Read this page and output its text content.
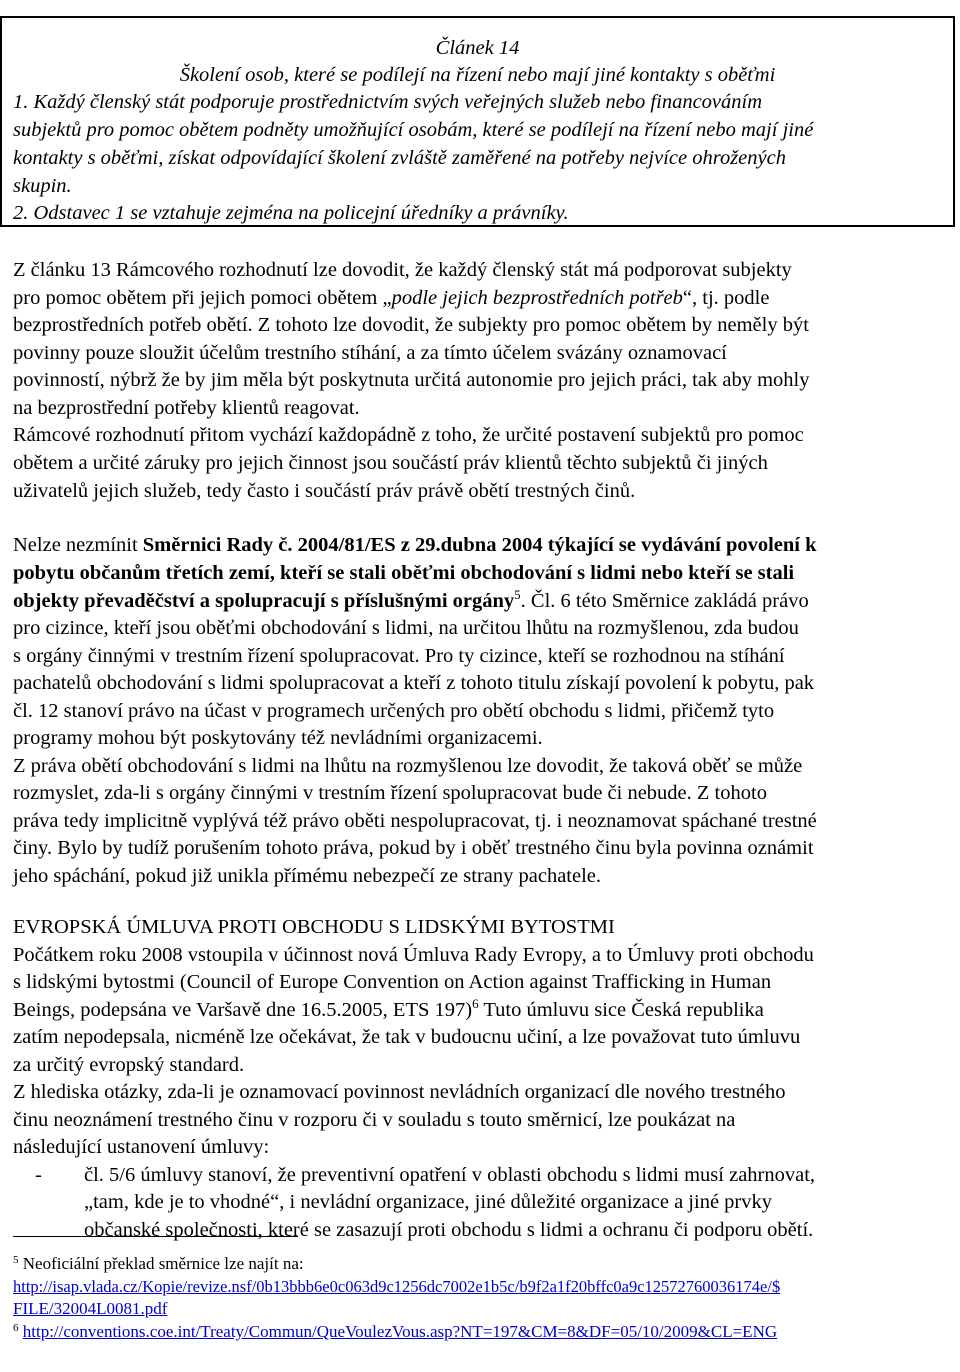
Článek 14
Školení osob, které se podílejí na řízení nebo mají jiné kontakty s oběťmi
1. Každý členský stát podporuje prostřednictvím svých veřejných služeb nebo financováním
subjektů pro pomoc obětem podněty umožňující osobám, které se podílejí na řízení nebo mají jiné
kontakty s oběťmi, získat odpovídající školení zvláště zaměřené na potřeby nejvíce ohrožených
skupin.
2. Odstavec 1 se vztahuje zejména na policejní úředníky a právníky.
Z článku 13 Rámcového rozhodnutí lze dovodit, že každý členský stát má podporovat subjekty
pro pomoc obětem při jejich pomoci obětem „podle jejich bezprostředních potřeb“, tj. podle
bezprostředních potřeb obětí. Z tohoto lze dovodit, že subjekty pro pomoc obětem by neměly být
povinny pouze sloužit účelům trestního stíhání, a za tímto účelem svázány oznamovací
povinností, nýbrž že by jim měla být poskytnuta určitá autonomie pro jejich práci, tak aby mohly
na bezprostřední potřeby klientů reagovat.
Rámcové rozhodnutí přitom vychází každopádně z toho, že určité postavení subjektů pro pomoc
obětem a určité záruky pro jejich činnost jsou součástí práv klientů těchto subjektů či jiných
uživatelů jejich služeb, tedy často i součástí práv právě obětí trestných činů.
Nelze nezmínit Směrnici Rady č. 2004/81/ES z 29.dubna 2004 týkající se vydávání povolení k
pobytu občanům třetích zemí, kteří se stali oběťmi obchodování s lidmi nebo kteří se stali
objekty převaděčství a spolupracují s příslušnými orgány$^5$. Čl. 6 této Směrnice zakládá právo
pro cizince, kteří jsou oběťmi obchodování s lidmi, na určitou lhůtu na rozmyšlenou, zda budou
s orgány činnými v trestním řízení spolupracovat. Pro ty cizince, kteří se rozhodnou na stíhání
pachatelů obchodování s lidmi spolupracovat a kteří z tohoto titulu získají povolení k pobytu, pak
čl. 12 stanoví právo na účast v programech určených pro obětí obchodu s lidmi, přičemž tyto
programy mohou být poskytovány též nevládními organizacemi.
Z práva obětí obchodování s lidmi na lhůtu na rozmyšlenou lze dovodit, že taková oběť se může
rozmyslet, zda-li s orgány činnými v trestním řízení spolupracovat bude či nebude. Z tohoto
práva tedy implicitně vyplývá též právo oběti nespolupracovat, tj. i neoznamovat spáchané trestné
činy. Bylo by tudíž porušením tohoto práva, pokud by i oběť trestného činu byla povinna oznámit
jeho spáchání, pokud již unikla přímému nebezpečí ze strany pachatele.
EVROPSKÁ ÚMLUVA PROTI OBCHODU S LIDSKÝMI BYTOSTMI
Počátkem roku 2008 vstoupila v účinnost nová Úmluva Rady Evropy, a to Úmluvy proti obchodu
s lidskými bytostmi (Council of Europe Convention on Action against Trafficking in Human
Beings, podepsána ve Varšavě dne 16.5.2005, ETS 197)$^6$ Tuto úmluvu sice Česká republika
zatím nepodepsala, nicméně lze očekávat, že tak v budoucnu učiní, a lze považovat tuto úmluvu
za určitý evropský standard.
Z hlediska otázky, zda-li je oznamovací povinnost nevládních organizací dle nového trestného
činu neoznámení trestného činu v rozporu či v souladu s touto směrnicí, lze poukázat na
následující ustanovení úmluvy:
- čl. 5/6 úmluvy stanoví, že preventivní opatření v oblasti obchodu s lidmi musí zahrnovat,
„tam, kde je to vhodné“, i nevládní organizace, jiné důležité organizace a jiné prvky
občanské společnosti, které se zasazují proti obchodu s lidmi a ochranu či podporu obětí.
$^5$ Neoficiální překlad směrnice lze najít na:
http://isap.vlada.cz/Kopie/revize.nsf/0b13bbb6e0c063d9c1256dc7002e1b5c/b9f2a1f20bffc0a9c12572760036174e/$
FILE/32004L0081.pdf
$^6$ http://conventions.coe.int/Treaty/Commun/QueVoulezVous.asp?NT=197&CM=8&DF=05/10/2009&CL=ENG
